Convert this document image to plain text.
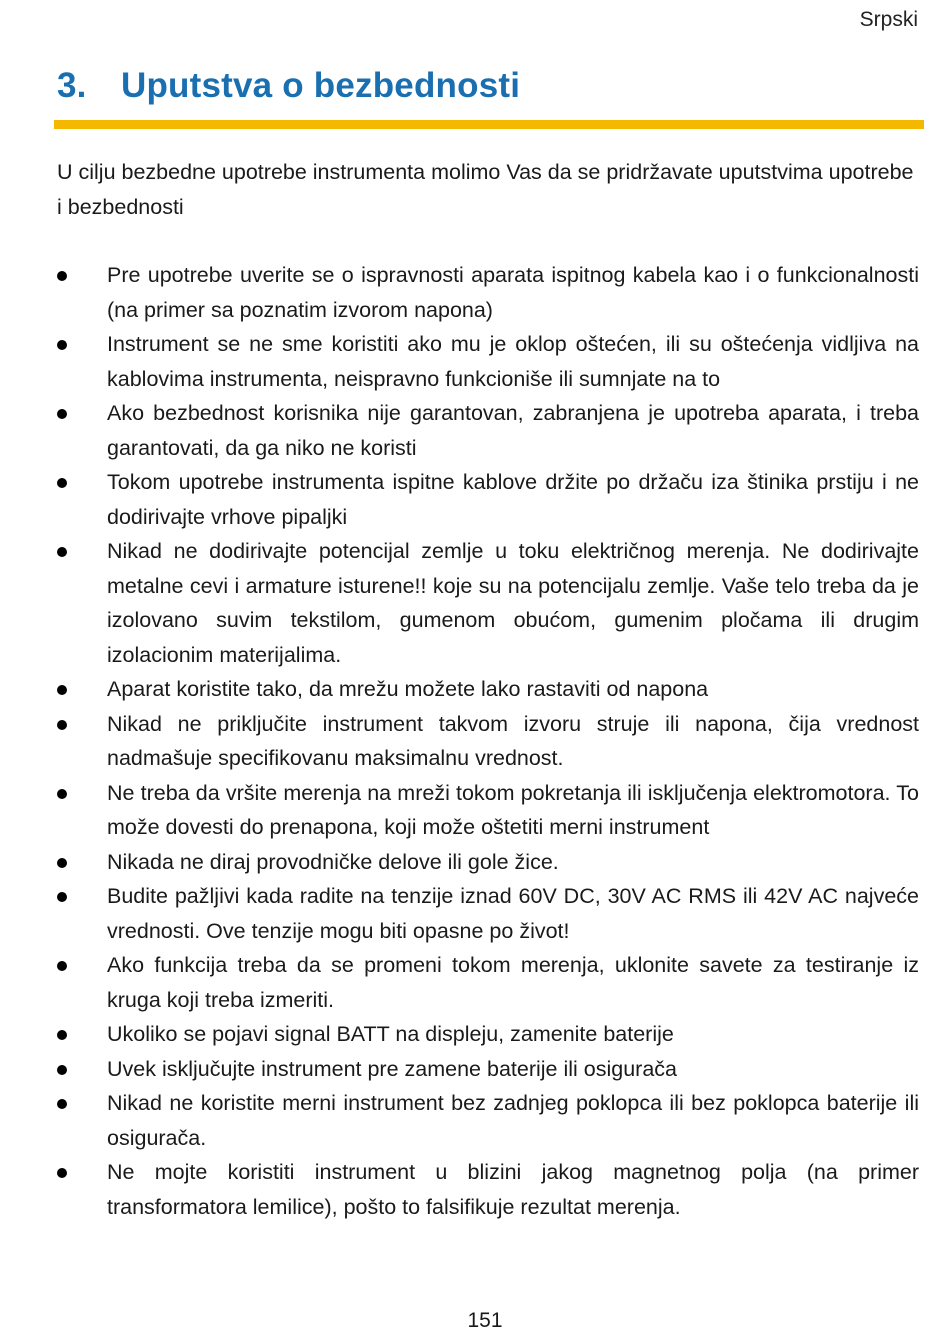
Srpski
3. Uputstva o bezbednosti

U cilju bezbedne upotrebe instrumenta molimo Vas da se pridržavate uputstvima upotrebe i bezbednosti

Pre upotrebe uverite se o ispravnosti aparata ispitnog kabela kao i o funkcionalnosti (na primer sa poznatim izvorom napona)
Instrument se ne sme koristiti ako mu je oklop oštećen, ili su oštećenja vidljiva na kablovima instrumenta, neispravno funkcioniše ili sumnjate na to
Ako bezbednost korisnika nije garantovan, zabranjena je upotreba aparata, i treba garantovati, da ga niko ne koristi
Tokom upotrebe instrumenta ispitne kablove držite po držaču iza štinika prstiju i ne dodirivajte vrhove pipaljki
Nikad ne dodirivajte potencijal zemlje u toku električnog merenja. Ne dodirivajte metalne cevi i armature isturene!! koje su na potencijalu zemlje. Vaše telo treba da je izolovano suvim tekstilom, gumenom obućom, gumenim pločama ili drugim izolacionim materijalima.
Aparat koristite tako, da mrežu možete lako rastaviti od napona
Nikad ne priključite instrument takvom izvoru struje ili napona, čija vrednost nadmašuje specifikovanu maksimalnu vrednost.
Ne treba da vršite merenja na mreži tokom pokretanja ili isključenja elektromotora. To može dovesti do prenapona, koji može oštetiti merni instrument
Nikada ne diraj provodničke delove ili gole žice.
Budite pažljivi kada radite na tenzije iznad 60V DC, 30V AC RMS ili 42V AC najveće vrednosti. Ove tenzije mogu biti opasne po život!
Ako funkcija treba da se promeni tokom merenja, uklonite savete za testiranje iz kruga koji treba izmeriti.
Ukoliko se pojavi signal BATT na displeju, zamenite baterije
Uvek isključujte instrument pre zamene baterije ili osigurača
Nikad ne koristite merni instrument bez zadnjeg poklopca ili bez poklopca baterije ili osigurača.
Ne mojte koristiti instrument u blizini jakog magnetnog polja (na primer transformatora lemilice), pošto to falsifikuje rezultat merenja.
151
